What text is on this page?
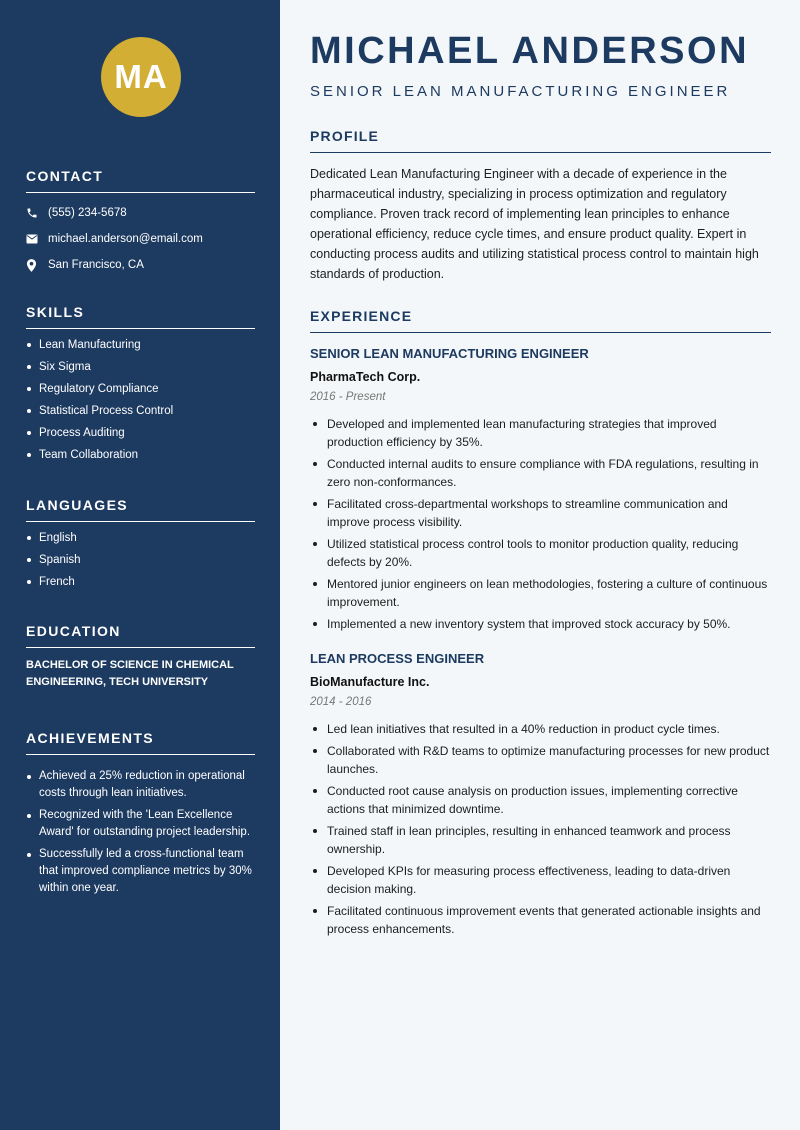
MA
CONTACT
(555) 234-5678
michael.anderson@email.com
San Francisco, CA
SKILLS
Lean Manufacturing
Six Sigma
Regulatory Compliance
Statistical Process Control
Process Auditing
Team Collaboration
LANGUAGES
English
Spanish
French
EDUCATION
BACHELOR OF SCIENCE IN CHEMICAL ENGINEERING, TECH UNIVERSITY
ACHIEVEMENTS
Achieved a 25% reduction in operational costs through lean initiatives.
Recognized with the 'Lean Excellence Award' for outstanding project leadership.
Successfully led a cross-functional team that improved compliance metrics by 30% within one year.
MICHAEL ANDERSON
SENIOR LEAN MANUFACTURING ENGINEER
PROFILE
Dedicated Lean Manufacturing Engineer with a decade of experience in the pharmaceutical industry, specializing in process optimization and regulatory compliance. Proven track record of implementing lean principles to enhance operational efficiency, reduce cycle times, and ensure product quality. Expert in conducting process audits and utilizing statistical process control to maintain high standards of production.
EXPERIENCE
SENIOR LEAN MANUFACTURING ENGINEER
PharmaTech Corp.
2016 - Present
Developed and implemented lean manufacturing strategies that improved production efficiency by 35%.
Conducted internal audits to ensure compliance with FDA regulations, resulting in zero non-conformances.
Facilitated cross-departmental workshops to streamline communication and improve process visibility.
Utilized statistical process control tools to monitor production quality, reducing defects by 20%.
Mentored junior engineers on lean methodologies, fostering a culture of continuous improvement.
Implemented a new inventory system that improved stock accuracy by 50%.
LEAN PROCESS ENGINEER
BioManufacture Inc.
2014 - 2016
Led lean initiatives that resulted in a 40% reduction in product cycle times.
Collaborated with R&D teams to optimize manufacturing processes for new product launches.
Conducted root cause analysis on production issues, implementing corrective actions that minimized downtime.
Trained staff in lean principles, resulting in enhanced teamwork and process ownership.
Developed KPIs for measuring process effectiveness, leading to data-driven decision making.
Facilitated continuous improvement events that generated actionable insights and process enhancements.
